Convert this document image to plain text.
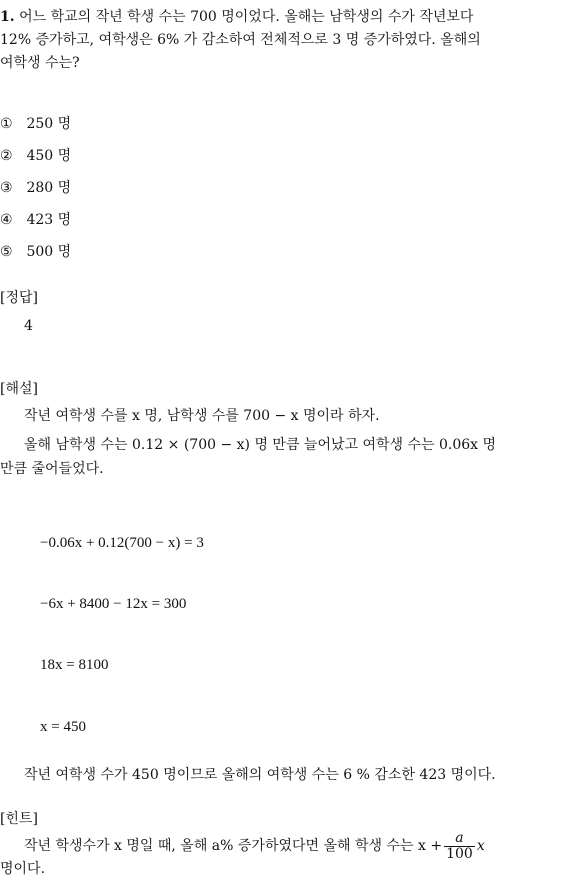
1. 어느 학교의 작년 학생 수는 700 명이었다. 올해는 남학생의 수가 작년보다
12% 증가하고, 여학생은 6% 가 감소하여 전체적으로 3 명 증가하였다. 올해의
여학생 수는?
① 250 명
② 450 명
③ 280 명
④ 423 명
⑤ 500 명
[정답]
4
[해설]
작년 여학생 수를 x 명, 남학생 수를 700 − x 명이라 하자.
올해 남학생 수는 0.12 × (700 − x) 명 만큼 늘어났고 여학생 수는 0.06x 명
만큼 줄어들었다.
−0.06x + 0.12(700 − x) = 3
−6x + 8400 − 12x = 300
18x = 8100
x = 450
작년 여학생 수가 450 명이므로 올해의 여학생 수는 6 % 감소한 423 명이다.
[힌트]
작년 학생수가 x 명일 때, 올해 a% 증가하였다면 올해 학생 수는 $x + \frac{a}{100}$ x
명이다.
